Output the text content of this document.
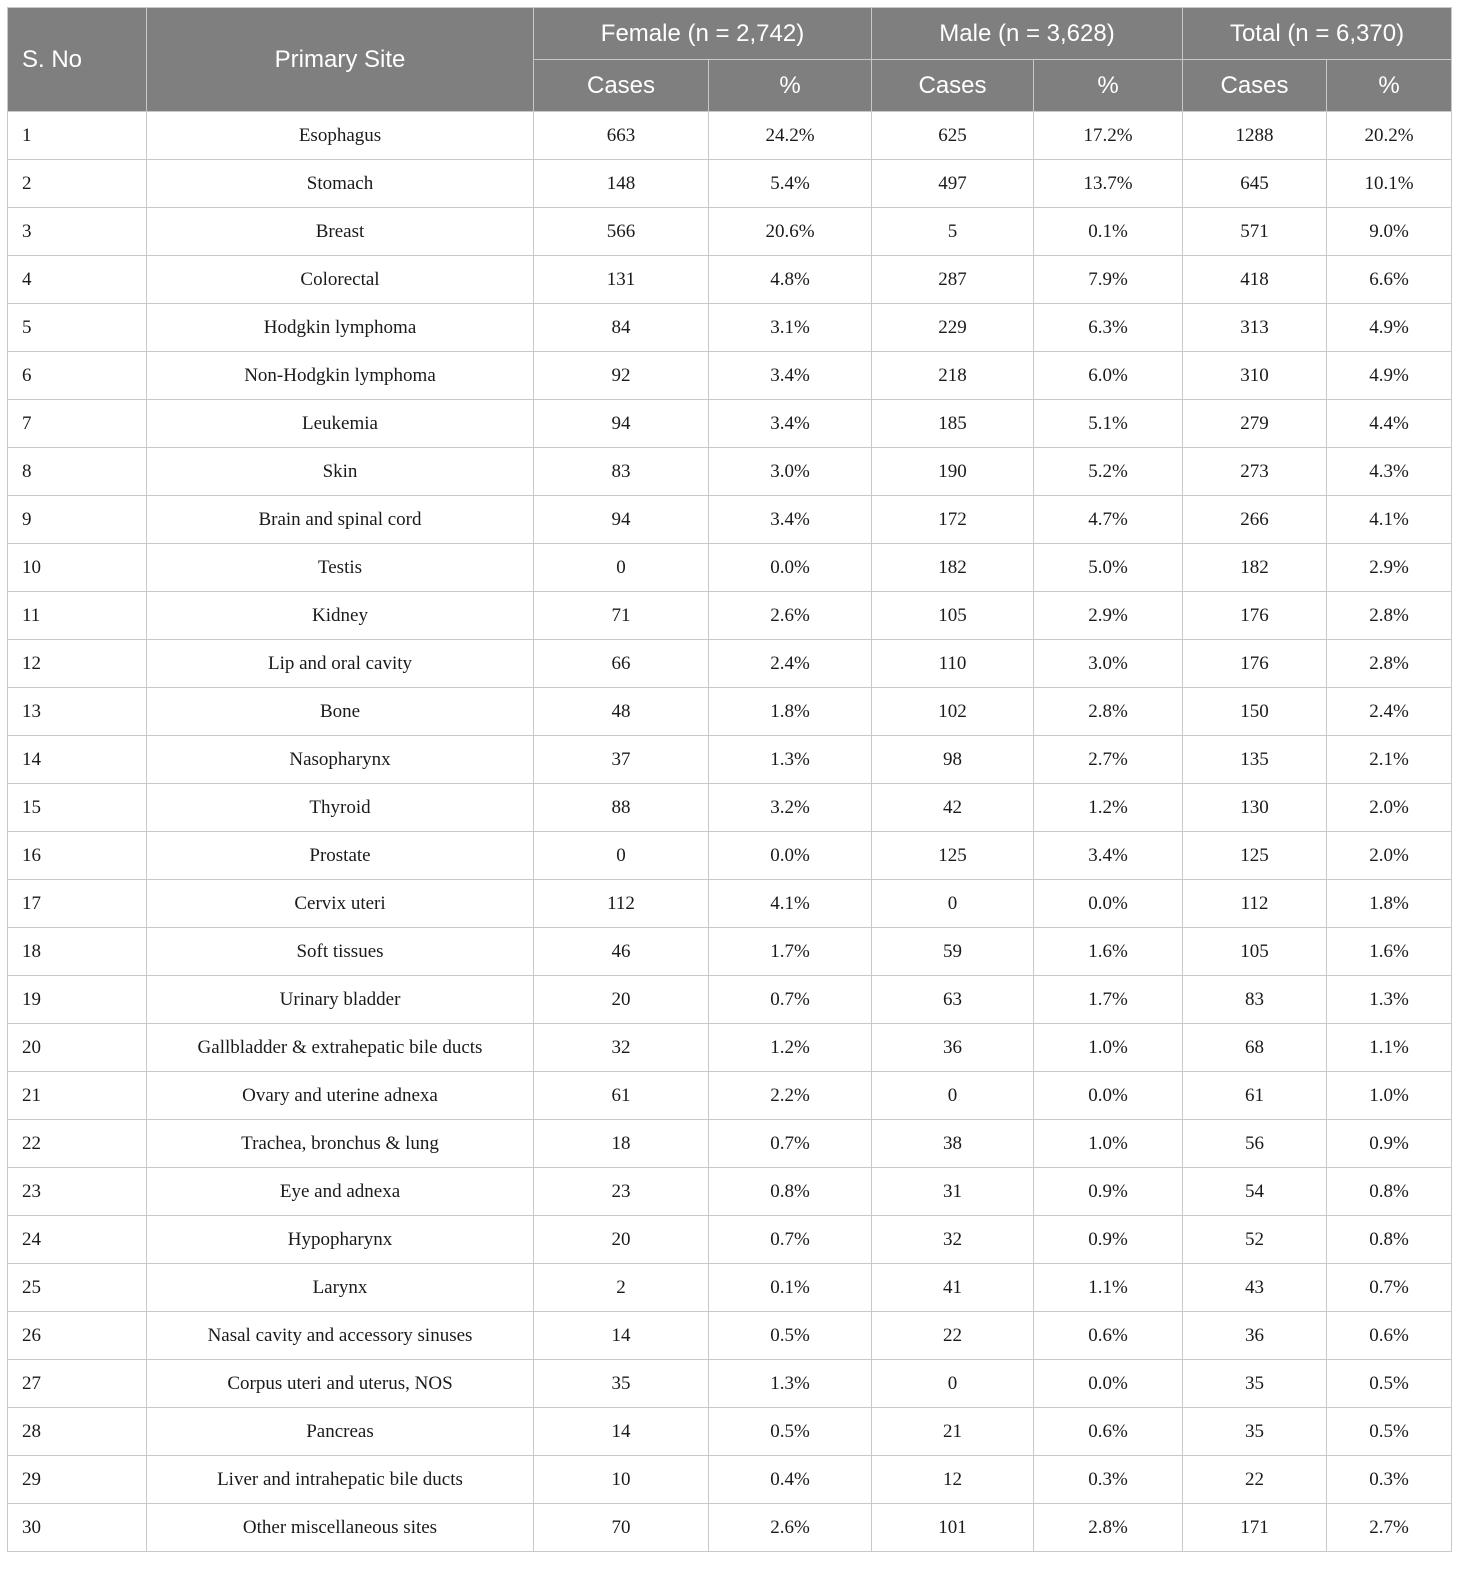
S. No	Primary Site	Female (n = 2,742)		Male (n = 3,628)		Total (n = 6,370)	
		Cases	%	Cases	%	Cases	%
1	Esophagus	663	24.2%	625	17.2%	1288	20.2%
2	Stomach	148	5.4%	497	13.7%	645	10.1%
3	Breast	566	20.6%	5	0.1%	571	9.0%
4	Colorectal	131	4.8%	287	7.9%	418	6.6%
5	Hodgkin lymphoma	84	3.1%	229	6.3%	313	4.9%
6	Non-Hodgkin lymphoma	92	3.4%	218	6.0%	310	4.9%
7	Leukemia	94	3.4%	185	5.1%	279	4.4%
8	Skin	83	3.0%	190	5.2%	273	4.3%
9	Brain and spinal cord	94	3.4%	172	4.7%	266	4.1%
10	Testis	0	0.0%	182	5.0%	182	2.9%
11	Kidney	71	2.6%	105	2.9%	176	2.8%
12	Lip and oral cavity	66	2.4%	110	3.0%	176	2.8%
13	Bone	48	1.8%	102	2.8%	150	2.4%
14	Nasopharynx	37	1.3%	98	2.7%	135	2.1%
15	Thyroid	88	3.2%	42	1.2%	130	2.0%
16	Prostate	0	0.0%	125	3.4%	125	2.0%
17	Cervix uteri	112	4.1%	0	0.0%	112	1.8%
18	Soft tissues	46	1.7%	59	1.6%	105	1.6%
19	Urinary bladder	20	0.7%	63	1.7%	83	1.3%
20	Gallbladder & extrahepatic bile ducts	32	1.2%	36	1.0%	68	1.1%
21	Ovary and uterine adnexa	61	2.2%	0	0.0%	61	1.0%
22	Trachea, bronchus & lung	18	0.7%	38	1.0%	56	0.9%
23	Eye and adnexa	23	0.8%	31	0.9%	54	0.8%
24	Hypopharynx	20	0.7%	32	0.9%	52	0.8%
25	Larynx	2	0.1%	41	1.1%	43	0.7%
26	Nasal cavity and accessory sinuses	14	0.5%	22	0.6%	36	0.6%
27	Corpus uteri and uterus, NOS	35	1.3%	0	0.0%	35	0.5%
28	Pancreas	14	0.5%	21	0.6%	35	0.5%
29	Liver and intrahepatic bile ducts	10	0.4%	12	0.3%	22	0.3%
30	Other miscellaneous sites	70	2.6%	101	2.8%	171	2.7%
